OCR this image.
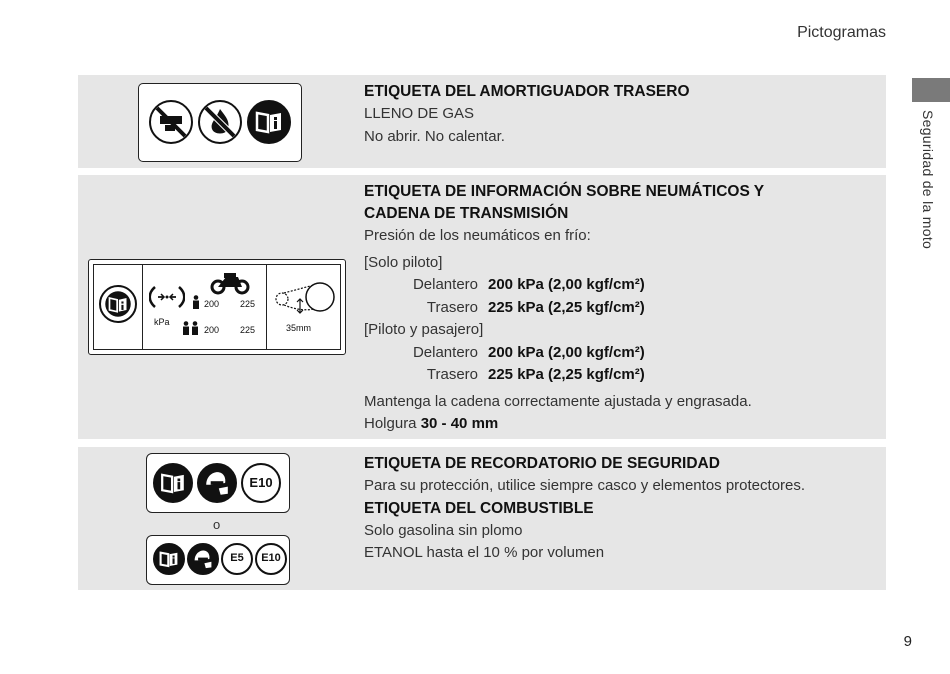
Pictogramas
Seguridad de la moto
ETIQUETA DEL AMORTIGUADOR TRASERO
LLENO DE GAS
No abrir. No calentar.
kPa
200 225
200 225	35mm
ETIQUETA DE INFORMACIÓN SOBRE NEUMÁTICOS Y
CADENA DE TRANSMISIÓN
Presión de los neumáticos en frío:
[Solo piloto]
Delantero 200 kPa (2,00 kgf/cm²)
Trasero 225 kPa (2,25 kgf/cm²)
[Piloto y pasajero]
Delantero 200 kPa (2,00 kgf/cm²)
Trasero 225 kPa (2,25 kgf/cm²)
Mantenga la cadena correctamente ajustada y engrasada.
Holgura 30 - 40 mm
E10
o
E5	E10
ETIQUETA DE RECORDATORIO DE SEGURIDAD
Para su protección, utilice siempre casco y elementos protectores.
ETIQUETA DEL COMBUSTIBLE
Solo gasolina sin plomo
ETANOL hasta el 10 % por volumen
9
